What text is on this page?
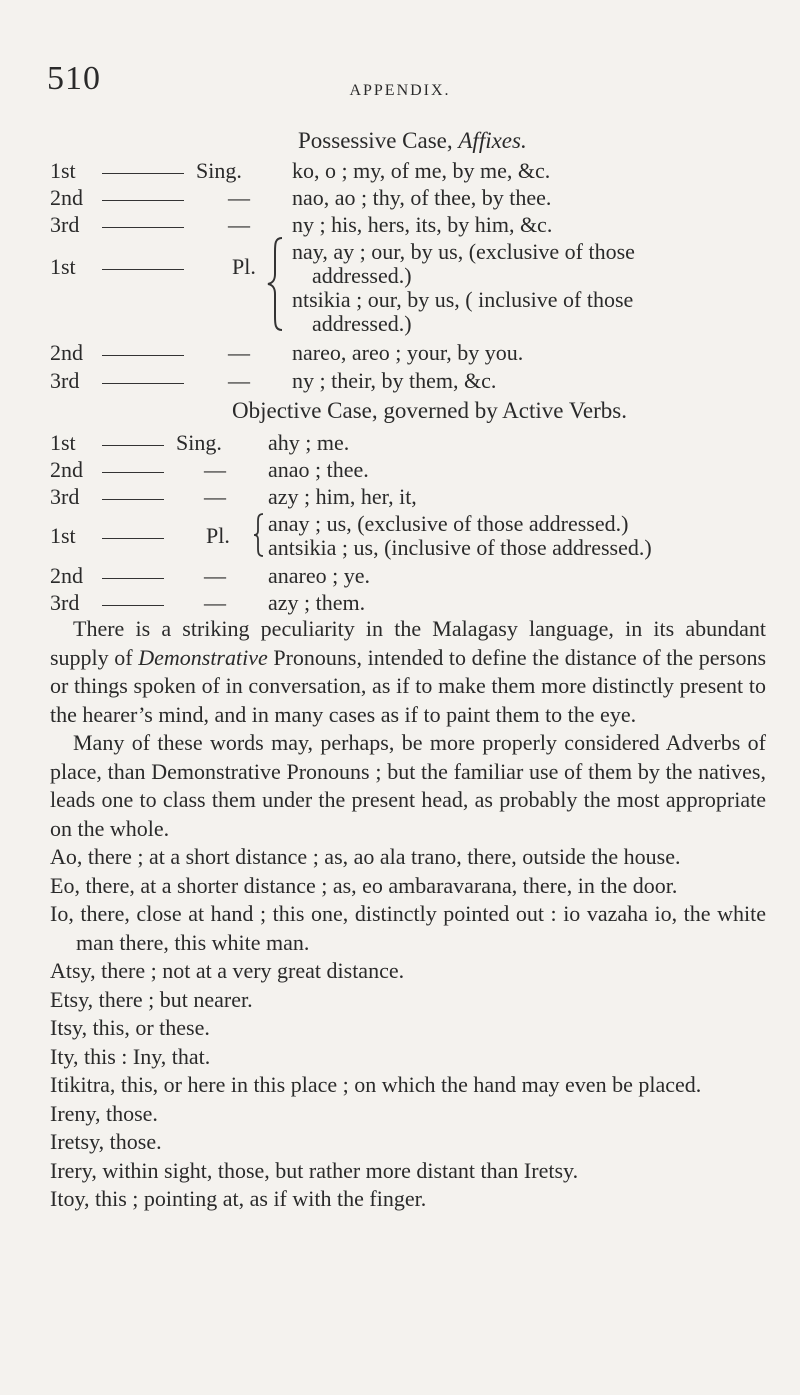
510	APPENDIX.
Possessive Case, Affixes.
1st	Sing. ko, o ; my, of me, by me, &c.
2nd	— nao, ao ; thy, of thee, by thee.
3rd	— ny ; his, hers, its, by him, &c.
1st	Pl.
nay, ay ; our, by us, (exclusive of those
addressed.)
ntsikia ; our, by us, ( inclusive of those
addressed.)
2nd	— nareo, areo ; your, by you.
3rd	— ny ; their, by them, &c.
Objective Case, governed by Active Verbs.
1st	Sing. ahy ; me.
2nd	— anao ; thee.
3rd	— azy ; him, her, it,
1st	Pl. anay ; us, (exclusive of those addressed.)
antsikia ; us, (inclusive of those addressed.)
2nd	— anareo ; ye.
3rd	— azy ; them.

There is a striking peculiarity in the Malagasy language, in its abundant supply of Demonstrative Pronouns, intended to define the distance of the persons or things spoken of in conversation, as if to make them more distinctly present to the hearer’s mind, and in many cases as if to paint them to the eye.

Many of these words may, perhaps, be more properly considered Adverbs of place, than Demonstrative Pronouns ; but the familiar use of them by the natives, leads one to class them under the present head, as probably the most appropriate on the whole.

Ao, there ; at a short distance ; as, ao ala trano, there, outside the house.

Eo, there, at a shorter distance ; as, eo ambaravarana, there, in the door.

Io, there, close at hand ; this one, distinctly pointed out : io vazaha io, the white man there, this white man.

Atsy, there ; not at a very great distance.

Etsy, there ; but nearer.

Itsy, this, or these.

Ity, this : Iny, that.

Itikitra, this, or here in this place ; on which the hand may even be placed.

Ireny, those.

Iretsy, those.

Irery, within sight, those, but rather more distant than Iretsy.

Itoy, this ; pointing at, as if with the finger.
